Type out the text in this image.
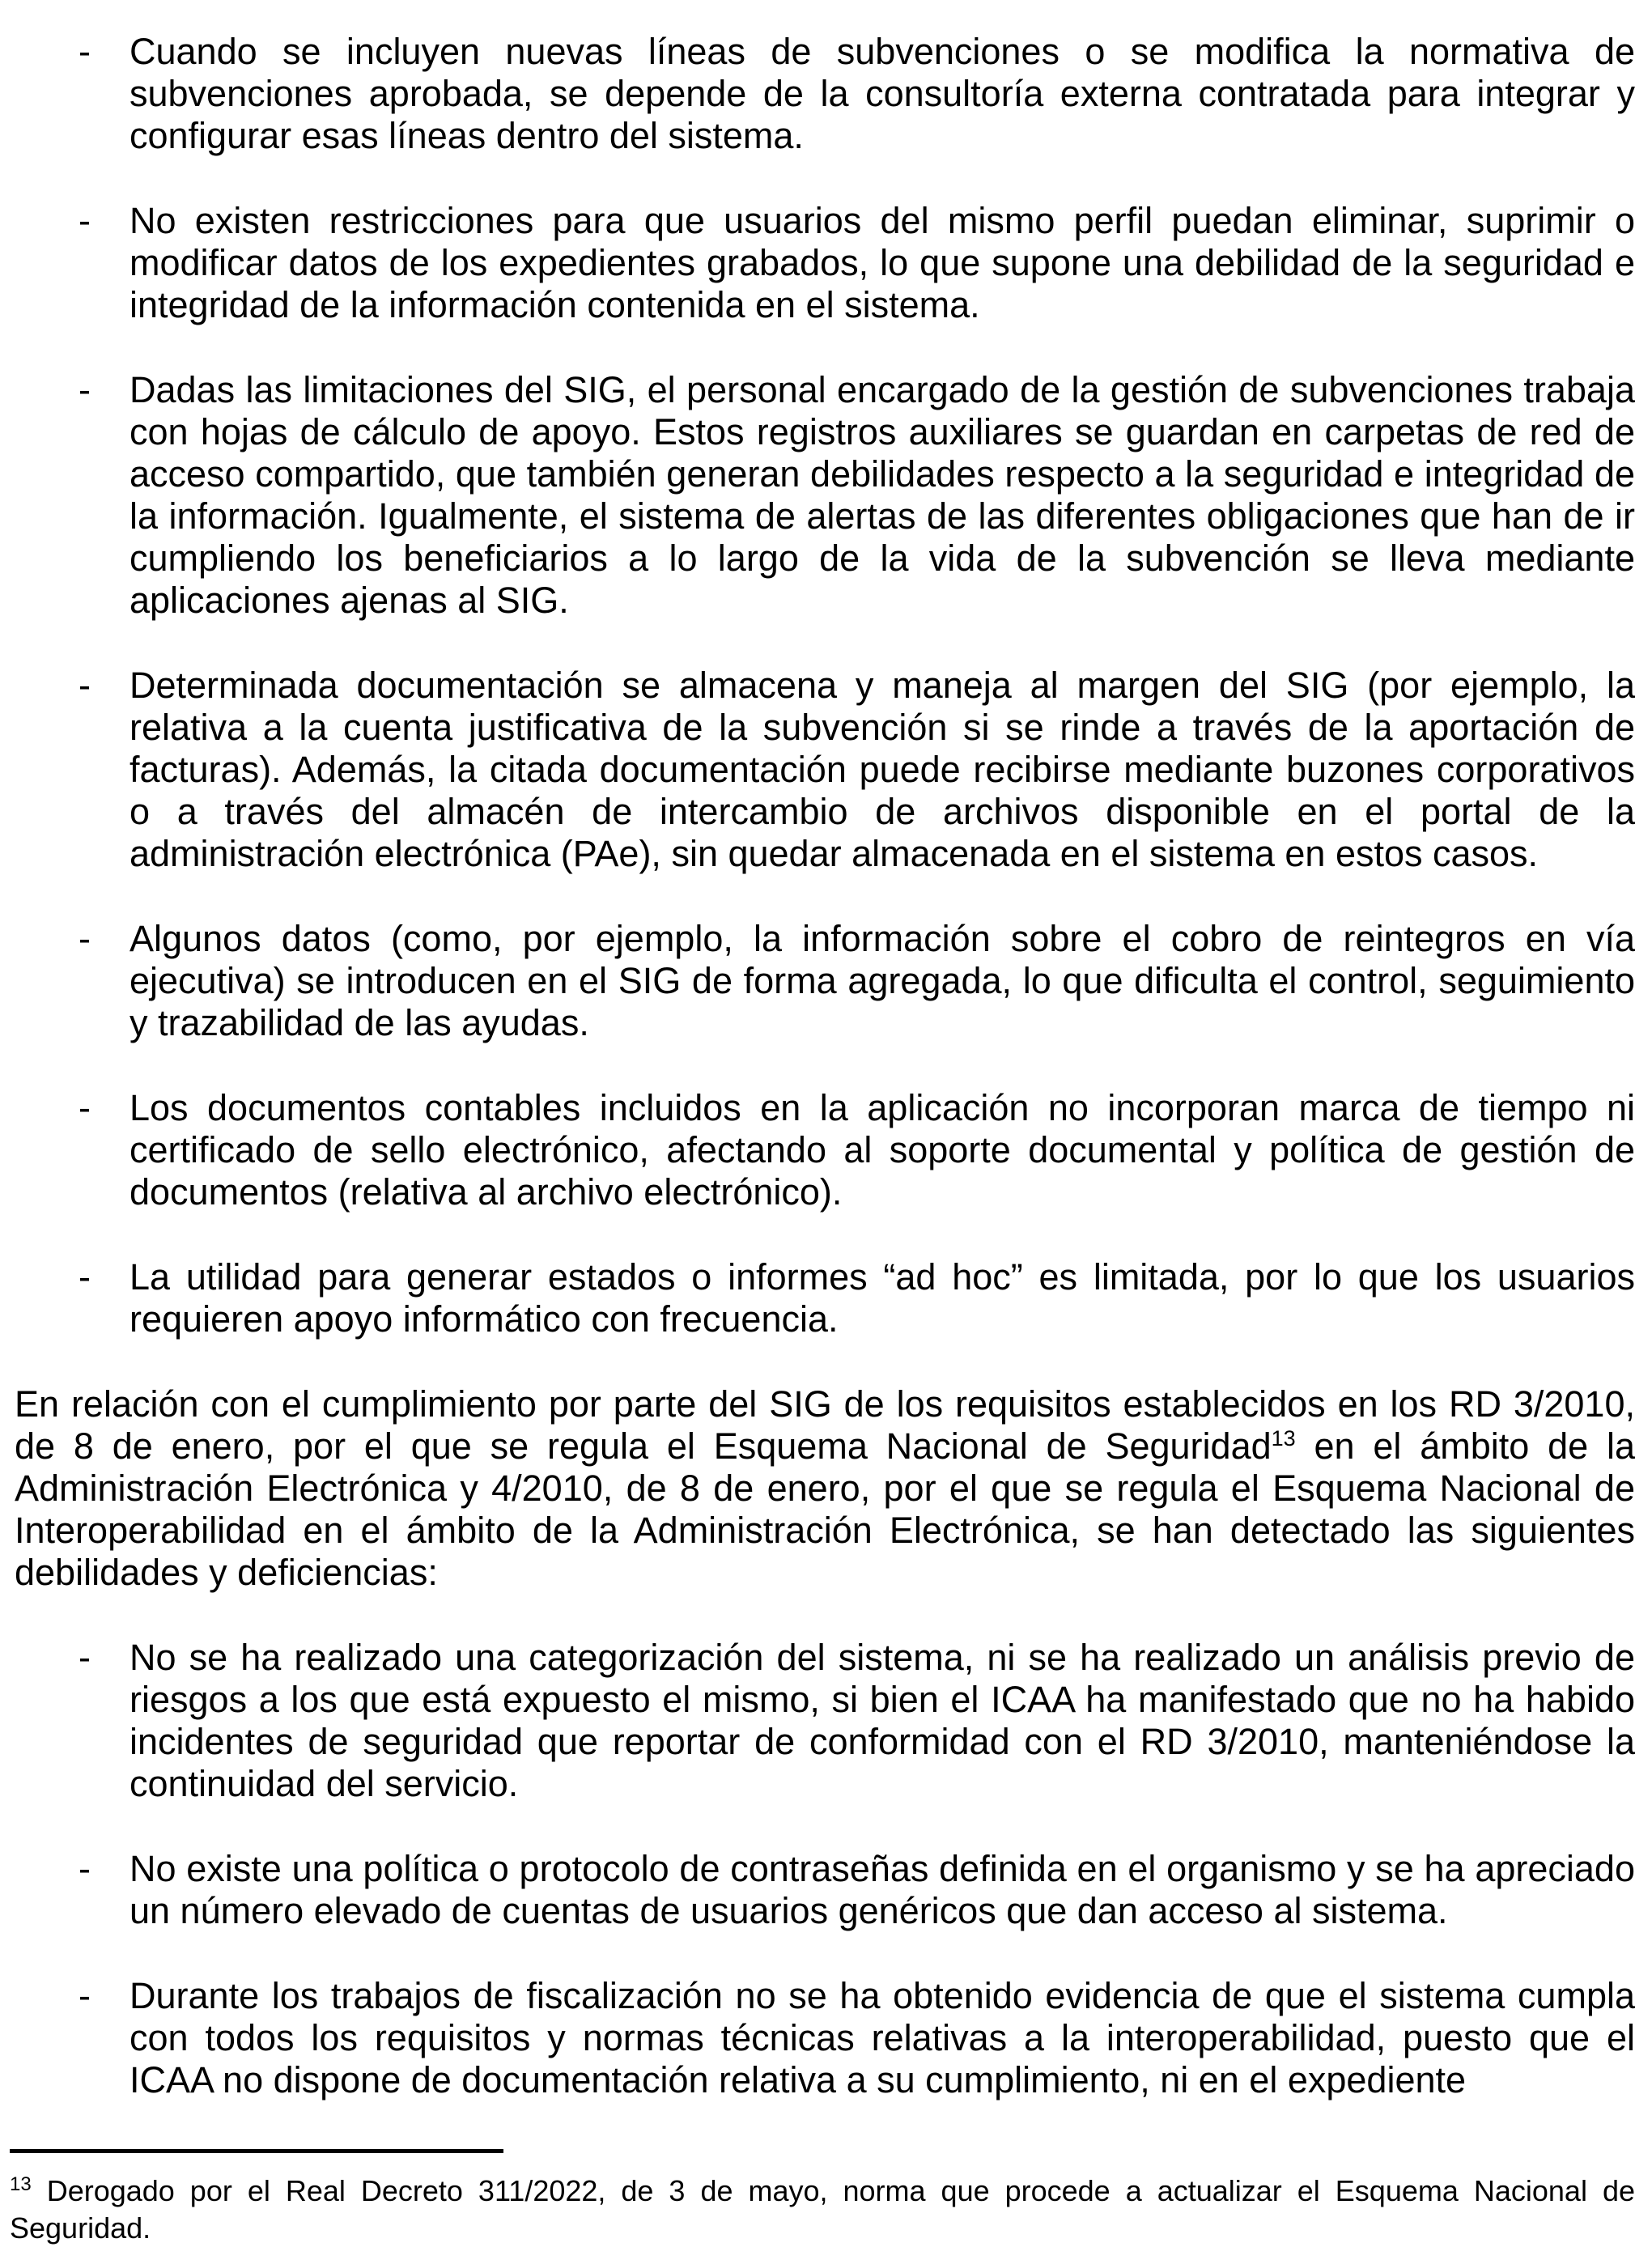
-	Cuando se incluyen nuevas líneas de subvenciones o se modifica la normativa de subvenciones aprobada, se depende de la consultoría externa contratada para integrar y configurar esas líneas dentro del sistema.

-	No existen restricciones para que usuarios del mismo perfil puedan eliminar, suprimir o modificar datos de los expedientes grabados, lo que supone una debilidad de la seguridad e integridad de la información contenida en el sistema.

-	Dadas las limitaciones del SIG, el personal encargado de la gestión de subvenciones trabaja con hojas de cálculo de apoyo. Estos registros auxiliares se guardan en carpetas de red de acceso compartido, que también generan debilidades respecto a la seguridad e integridad de la información. Igualmente, el sistema de alertas de las diferentes obligaciones que han de ir cumpliendo los beneficiarios a lo largo de la vida de la subvención se lleva mediante aplicaciones ajenas al SIG.

-	Determinada documentación se almacena y maneja al margen del SIG (por ejemplo, la relativa a la cuenta justificativa de la subvención si se rinde a través de la aportación de facturas). Además, la citada documentación puede recibirse mediante buzones corporativos o a través del almacén de intercambio de archivos disponible en el portal de la administración electrónica (PAe), sin quedar almacenada en el sistema en estos casos.

-	Algunos datos (como, por ejemplo, la información sobre el cobro de reintegros en vía ejecutiva) se introducen en el SIG de forma agregada, lo que dificulta el control, seguimiento y trazabilidad de las ayudas.

-	Los documentos contables incluidos en la aplicación no incorporan marca de tiempo ni certificado de sello electrónico, afectando al soporte documental y política de gestión de documentos (relativa al archivo electrónico).

-	La utilidad para generar estados o informes “ad hoc” es limitada, por lo que los usuarios requieren apoyo informático con frecuencia.

En relación con el cumplimiento por parte del SIG de los requisitos establecidos en los RD 3/2010, de 8 de enero, por el que se regula el Esquema Nacional de Seguridad$^{13}$ en el ámbito de la Administración Electrónica y 4/2010, de 8 de enero, por el que se regula el Esquema Nacional de Interoperabilidad en el ámbito de la Administración Electrónica, se han detectado las siguientes debilidades y deficiencias:

-	No se ha realizado una categorización del sistema, ni se ha realizado un análisis previo de riesgos a los que está expuesto el mismo, si bien el ICAA ha manifestado que no ha habido incidentes de seguridad que reportar de conformidad con el RD 3/2010, manteniéndose la continuidad del servicio.

-	No existe una política o protocolo de contraseñas definida en el organismo y se ha apreciado un número elevado de cuentas de usuarios genéricos que dan acceso al sistema.

-	Durante los trabajos de fiscalización no se ha obtenido evidencia de que el sistema cumpla con todos los requisitos y normas técnicas relativas a la interoperabilidad, puesto que el ICAA no dispone de documentación relativa a su cumplimiento, ni en el expediente

$^{13}$ Derogado por el Real Decreto 311/2022, de 3 de mayo, norma que procede a actualizar el Esquema Nacional de Seguridad.
